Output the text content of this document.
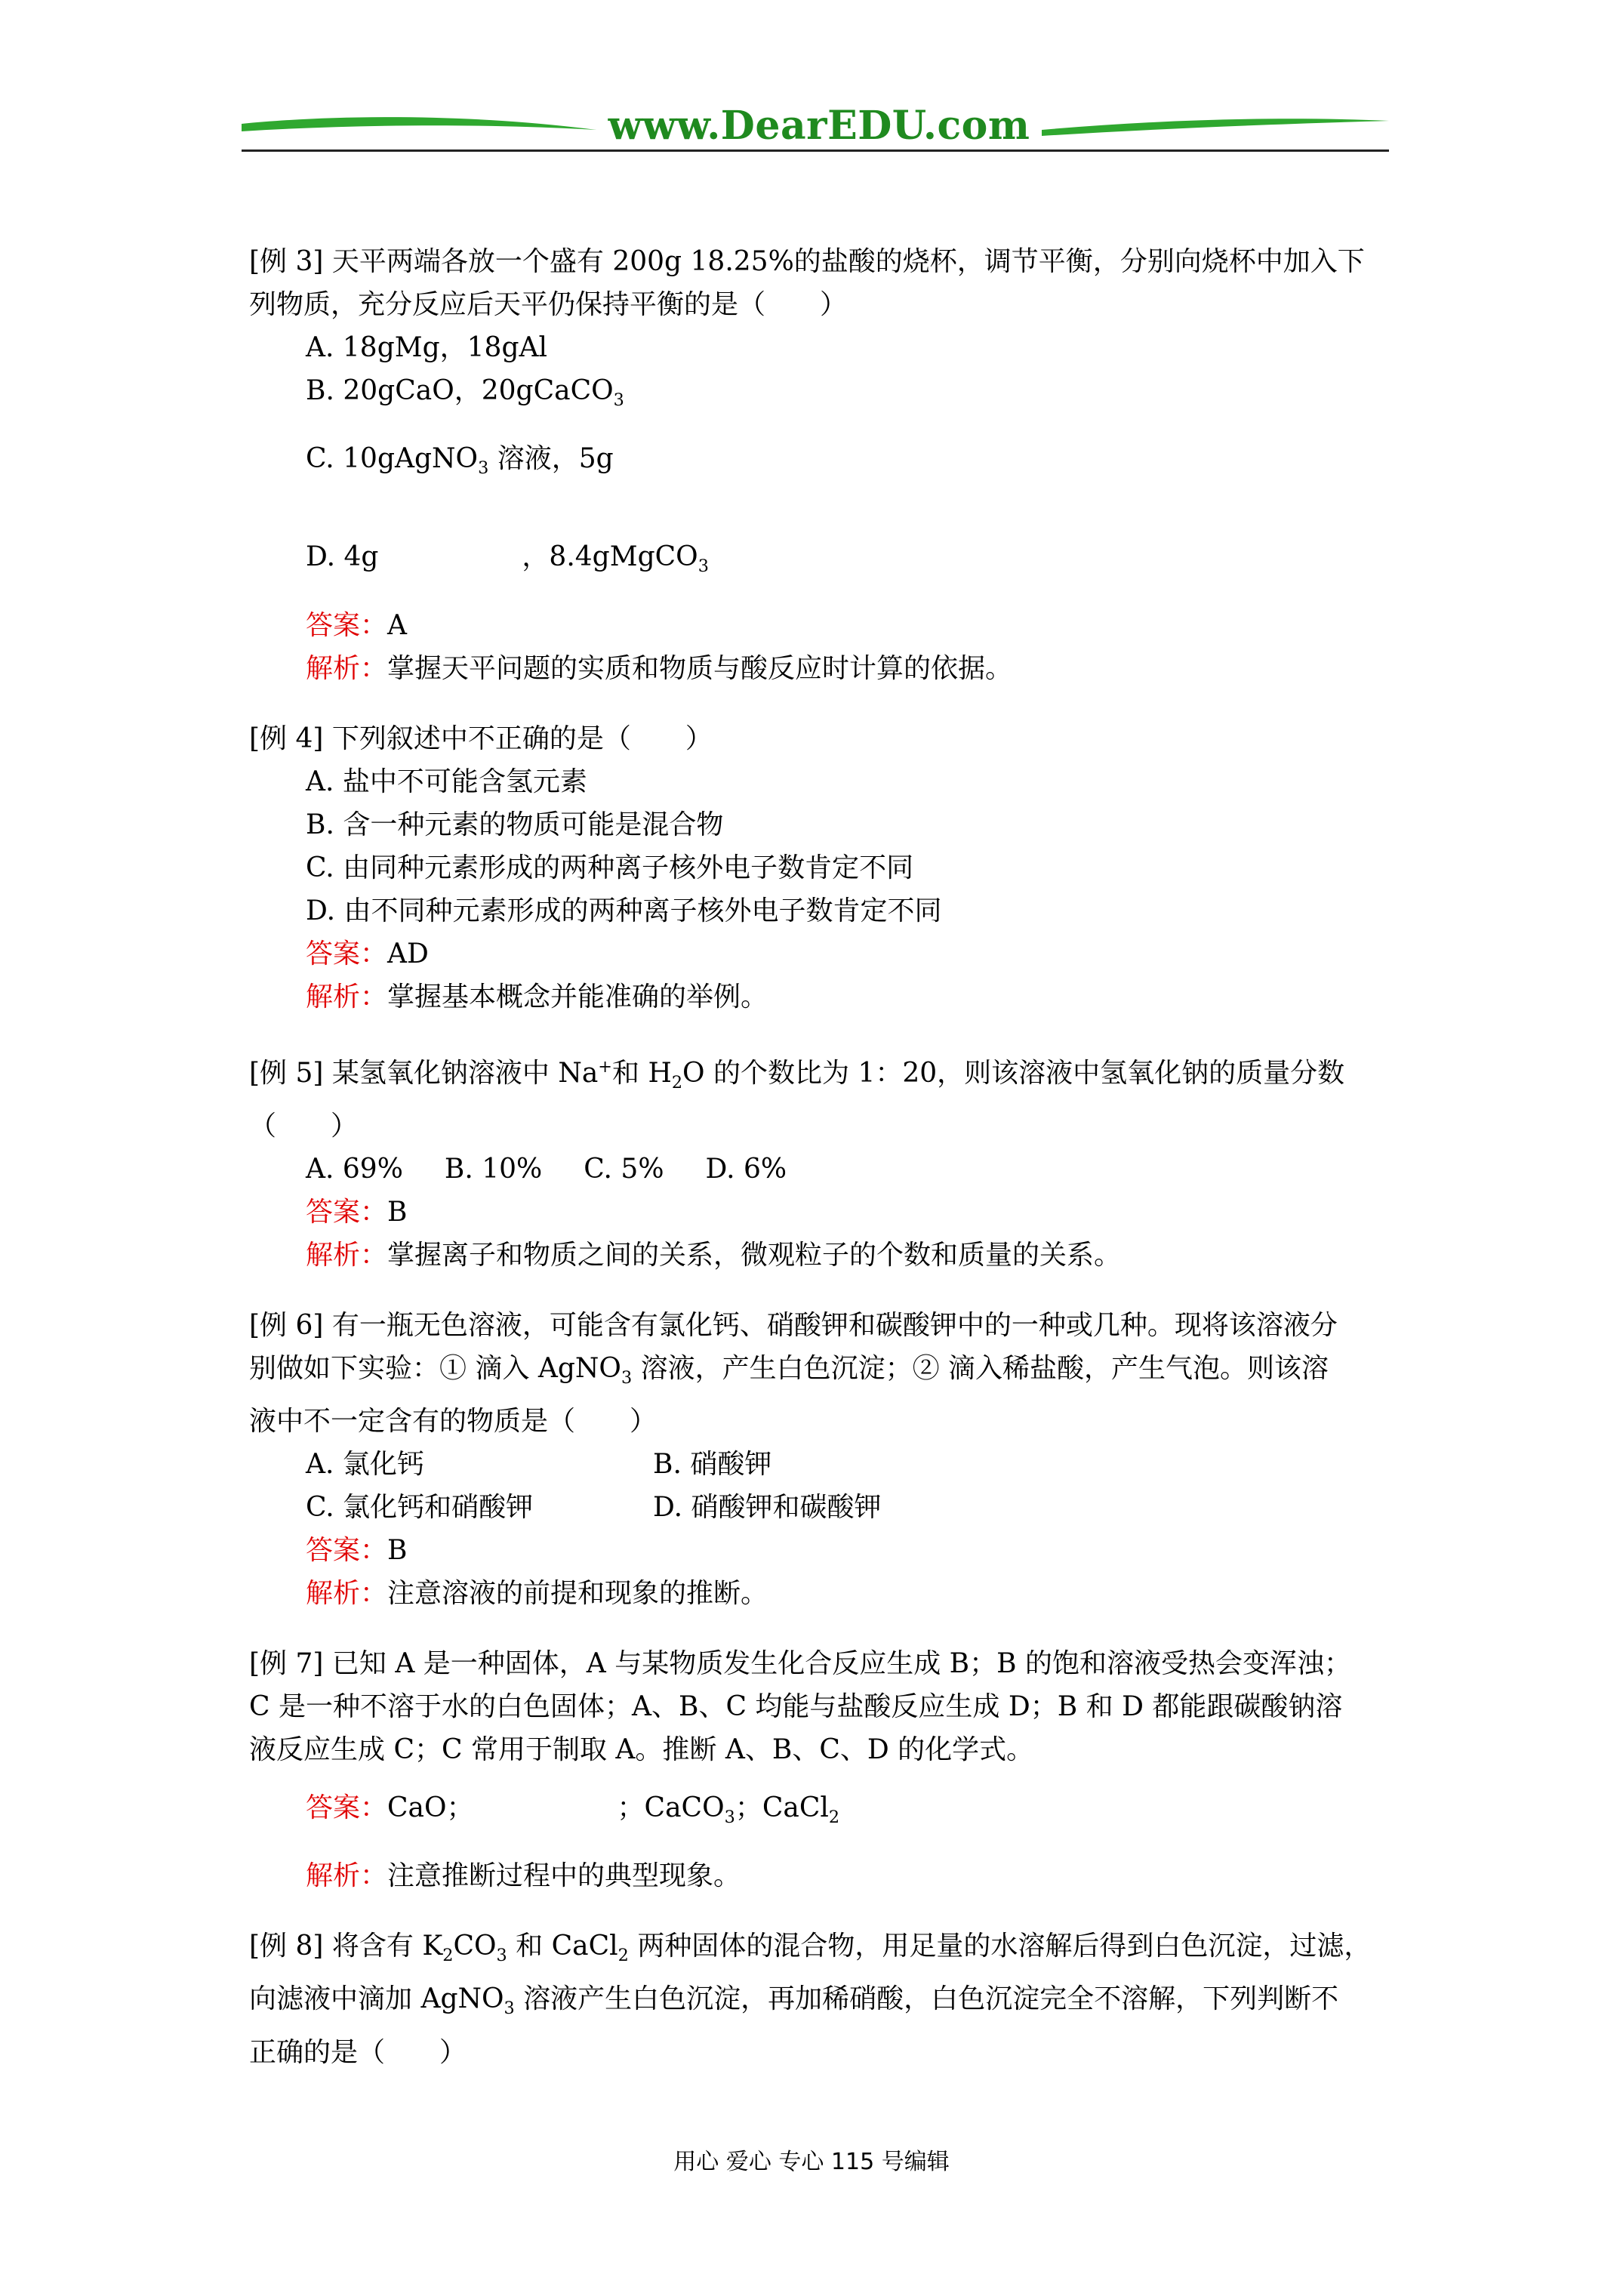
www.DearEDU.com
[例 3] 天平两端各放一个盛有 200g 18.25%的盐酸的烧杯，调节平衡，分别向烧杯中加入下
列物质，充分反应后天平仍保持平衡的是（　　）
A. 18gMg，18gAl
B. 20gCaO，20gCaCO$_3$
C. 10gAgNO$_3$ 溶液，5g
D. 4g	，8.4gMgCO$_3$
答案：A
解析：掌握天平问题的实质和物质与酸反应时计算的依据。
[例 4] 下列叙述中不正确的是（　　）
A. 盐中不可能含氢元素
B. 含一种元素的物质可能是混合物
C. 由同种元素形成的两种离子核外电子数肯定不同
D. 由不同种元素形成的两种离子核外电子数肯定不同
答案：AD
解析：掌握基本概念并能准确的举例。
[例 5] 某氢氧化钠溶液中 Na+和 $H_2O$ 的个数比为 1：20，则该溶液中氢氧化钠的质量分数
（　　）
A. 69% B. 10% C. 5% D. 6%
答案：B
解析：掌握离子和物质之间的关系，微观粒子的个数和质量的关系。
[例 6] 有一瓶无色溶液，可能含有氯化钙、硝酸钾和碳酸钾中的一种或几种。现将该溶液分
别做如下实验：① 滴入 AgNO$_3$ 溶液，产生白色沉淀；② 滴入稀盐酸，产生气泡。则该溶
液中不一定含有的物质是（　　）
A. 氯化钙	B. 硝酸钾
C. 氯化钙和硝酸钾	D. 硝酸钾和碳酸钾
答案：B
解析：注意溶液的前提和现象的推断。
[例 7] 已知 A 是一种固体，A 与某物质发生化合反应生成 B；B 的饱和溶液受热会变浑浊；
C 是一种不溶于水的白色固体；A、B、C 均能与盐酸反应生成 D；B 和 D 都能跟碳酸钠溶
液反应生成 C；C 常用于制取 A。推断 A、B、C、D 的化学式。
答案：CaO；	；CaCO$_3$；CaCl$_2$
解析：注意推断过程中的典型现象。
[例 8] 将含有 $K_2CO_3$ 和 CaCl$_2$ 两种固体的混合物，用足量的水溶解后得到白色沉淀，过滤，
向滤液中滴加 AgNO$_3$ 溶液产生白色沉淀，再加稀硝酸，白色沉淀完全不溶解，下列判断不
正确的是（　　）
用心 爱心 专心 115 号编辑
